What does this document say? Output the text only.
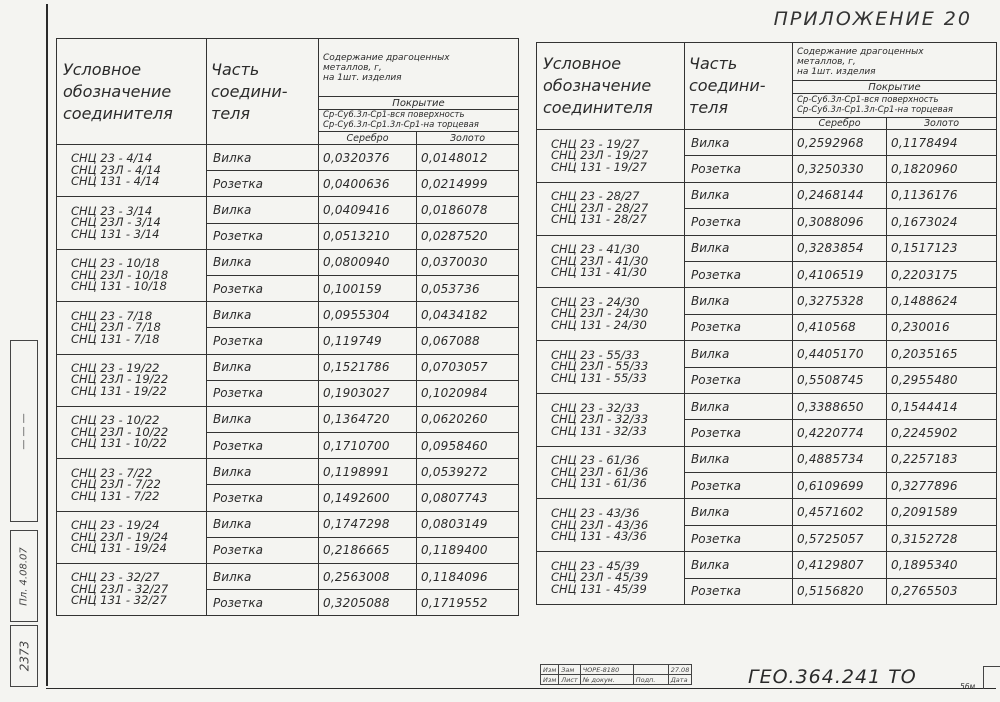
ПРИЛОЖЕНИЕ 20
Условное
обозначение
соединителя	Часть
соедини-
теля	Содержание драгоценных
металлов, г,
на 1шт. изделия	
		Покрытие	
		Ср-Су6.3л-Ср1-вся поверхность
Ср-Су6.3л-Ср1.3л-Ср1-на торцевая	
		Серебро	Золото
СНЦ 23 - 4/14
СНЦ 23Л - 4/14
СНЦ 131 - 4/14	Вилка	0,0320376	0,0148012
	Розетка	0,0400636	0,0214999
СНЦ 23 - 3/14
СНЦ 23Л - 3/14
СНЦ 131 - 3/14	Вилка	0,0409416	0,0186078
	Розетка	0,0513210	0,0287520
СНЦ 23 - 10/18
СНЦ 23Л - 10/18
СНЦ 131 - 10/18	Вилка	0,0800940	0,0370030
	Розетка	0,100159	0,053736
СНЦ 23 - 7/18
СНЦ 23Л - 7/18
СНЦ 131 - 7/18	Вилка	0,0955304	0,0434182
	Розетка	0,119749	0,067088
СНЦ 23 - 19/22
СНЦ 23Л - 19/22
СНЦ 131 - 19/22	Вилка	0,1521786	0,0703057
	Розетка	0,1903027	0,1020984
СНЦ 23 - 10/22
СНЦ 23Л - 10/22
СНЦ 131 - 10/22	Вилка	0,1364720	0,0620260
	Розетка	0,1710700	0,0958460
СНЦ 23 - 7/22
СНЦ 23Л - 7/22
СНЦ 131 - 7/22	Вилка	0,1198991	0,0539272
	Розетка	0,1492600	0,0807743
СНЦ 23 - 19/24
СНЦ 23Л - 19/24
СНЦ 131 - 19/24	Вилка	0,1747298	0,0803149
	Розетка	0,2186665	0,1189400
СНЦ 23 - 32/27
СНЦ 23Л - 32/27
СНЦ 131 - 32/27	Вилка	0,2563008	0,1184096
	Розетка	0,3205088	0,1719552
Условное
обозначение
соединителя	Часть
соедини-
теля	Содержание драгоценных
металлов, г,
на 1шт. изделия	
		Покрытие	
		Ср-Су6.3л-Ср1-вся поверхность
Ср-Су6.3л-Ср1.3л-Ср1-на торцевая	
		Серебро	Золото
СНЦ 23 - 19/27
СНЦ 23Л - 19/27
СНЦ 131 - 19/27	Вилка	0,2592968	0,1178494
	Розетка	0,3250330	0,1820960
СНЦ 23 - 28/27
СНЦ 23Л - 28/27
СНЦ 131 - 28/27	Вилка	0,2468144	0,1136176
	Розетка	0,3088096	0,1673024
СНЦ 23 - 41/30
СНЦ 23Л - 41/30
СНЦ 131 - 41/30	Вилка	0,3283854	0,1517123
	Розетка	0,4106519	0,2203175
СНЦ 23 - 24/30
СНЦ 23Л - 24/30
СНЦ 131 - 24/30	Вилка	0,3275328	0,1488624
	Розетка	0,410568	0,230016
СНЦ 23 - 55/33
СНЦ 23Л - 55/33
СНЦ 131 - 55/33	Вилка	0,4405170	0,2035165
	Розетка	0,5508745	0,2955480
СНЦ 23 - 32/33
СНЦ 23Л - 32/33
СНЦ 131 - 32/33	Вилка	0,3388650	0,1544414
	Розетка	0,4220774	0,2245902
СНЦ 23 - 61/36
СНЦ 23Л - 61/36
СНЦ 131 - 61/36	Вилка	0,4885734	0,2257183
	Розетка	0,6109699	0,3277896
СНЦ 23 - 43/36
СНЦ 23Л - 43/36
СНЦ 131 - 43/36	Вилка	0,4571602	0,2091589
	Розетка	0,5725057	0,3152728
СНЦ 23 - 45/39
СНЦ 23Л - 45/39
СНЦ 131 - 45/39	Вилка	0,4129807	0,1895340
	Розетка	0,5156820	0,2765503
— — —
Пл. 4.08.07
2373	Изм	Зам	ЧОРЕ-8180		27.08
Изм	Лист	№ докум.	Подп.	Дата	ГЕО.364.241 ТО	56м
